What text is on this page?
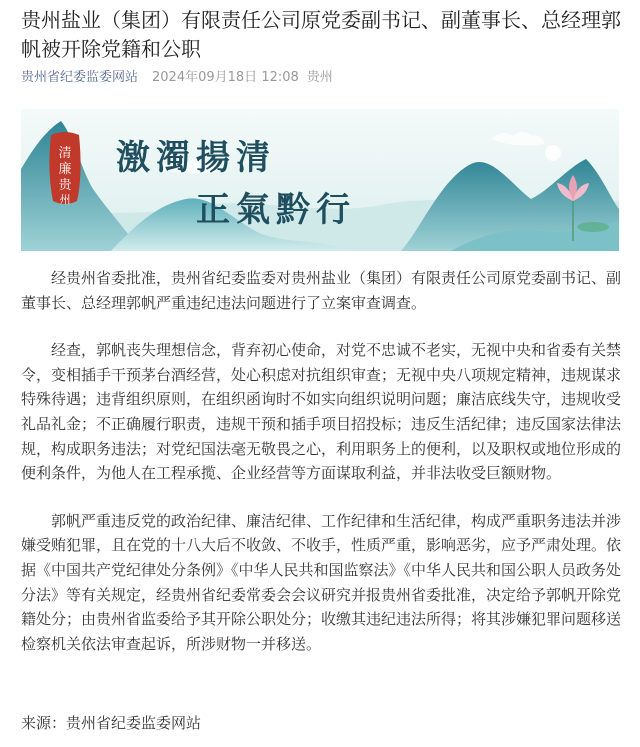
贵州盐业（集团）有限责任公司原党委副书记、副董事长、总经理郭帆被开除党籍和公职
贵州省纪委监委网站 2024年09月18日 12:08 贵州
清
廉
贵
州
激濁揚清
正氣黔行

经贵州省委批准，贵州省纪委监委对贵州盐业（集团）有限责任公司原党委副书记、副董事长、总经理郭帆严重违纪违法问题进行了立案审查调查。

经查，郭帆丧失理想信念，背弃初心使命，对党不忠诚不老实，无视中央和省委有关禁令，变相插手干预茅台酒经营，处心积虑对抗组织审查；无视中央八项规定精神，违规谋求特殊待遇；违背组织原则，在组织函询时不如实向组织说明问题；廉洁底线失守，违规收受礼品礼金；不正确履行职责，违规干预和插手项目招投标；违反生活纪律；违反国家法律法规，构成职务违法；对党纪国法毫无敬畏之心，利用职务上的便利，以及职权或地位形成的便利条件，为他人在工程承揽、企业经营等方面谋取利益，并非法收受巨额财物。

郭帆严重违反党的政治纪律、廉洁纪律、工作纪律和生活纪律，构成严重职务违法并涉嫌受贿犯罪，且在党的十八大后不收敛、不收手，性质严重，影响恶劣，应予严肃处理。依据《中国共产党纪律处分条例》《中华人民共和国监察法》《中华人民共和国公职人员政务处分法》等有关规定，经贵州省纪委常委会会议研究并报贵州省委批准，决定给予郭帆开除党籍处分；由贵州省监委给予其开除公职处分；收缴其违纪违法所得；将其涉嫌犯罪问题移送检察机关依法审查起诉，所涉财物一并移送。

来源：贵州省纪委监委网站
